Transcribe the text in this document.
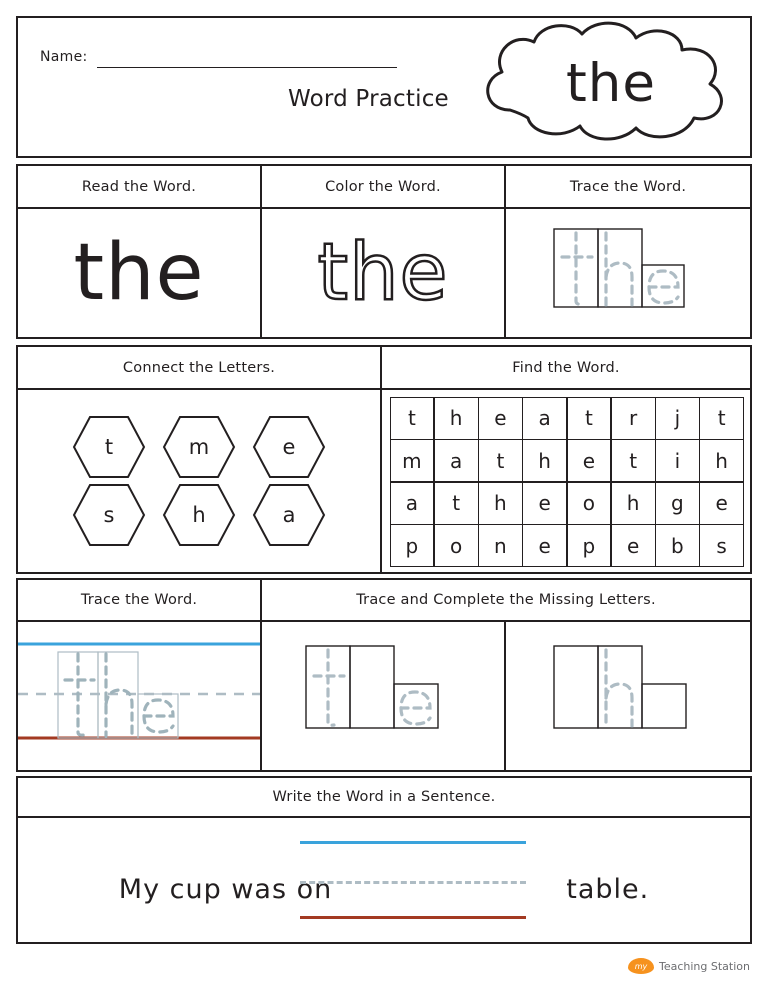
Name:
Word Practice	the
Read the Word.	Color the Word.	Trace the Word.
the	the
Connect the Letters.	Find the Word.
t	m	e
s	h	a
t	h	e	a	t	r	j	t
m	a	t	h	e	t	i	h
a	t	h	e	o	h	g	e
p	o	n	e	p	e	b	s
Trace the Word.	Trace and Complete the Missing Letters.
Write the Word in a Sentence.
My cup was on	table.
my	Teaching Station
